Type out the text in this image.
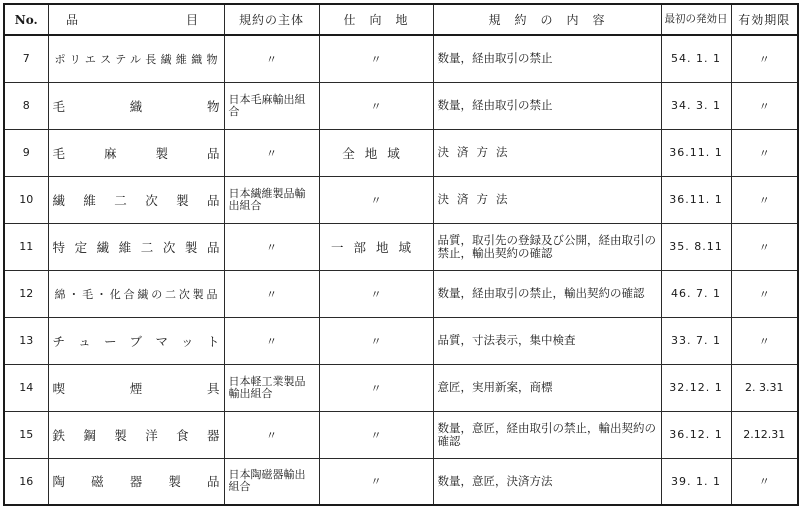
No.	品　　　　　目	規約の主体	仕　向　地	規　約　の　内　容	最初の発効日	有効期限
7	ポリエステル長繊維織物	〃	〃	数量，経由取引の禁止	54. 1. 1	〃
8	毛織物	日本毛麻輸出組合	〃	数量，経由取引の禁止	34. 3. 1	〃
9	毛麻製品	〃	全地域	決済方法	36.11. 1	〃
10	繊維二次製品	日本繊維製品輸出組合	〃	決済方法	36.11. 1	〃
11	特定繊維二次製品	〃	一部地域	品質，取引先の登録及び公開，経由取引の禁止，輸出契約の確認	35. 8.11	〃
12	綿・毛・化合繊の二次製品	〃	〃	数量，経由取引の禁止，輸出契約の確認	46. 7. 1	〃
13	チューブマット	〃	〃	品質，寸法表示，集中検査	33. 7. 1	〃
14	喫煙具	日本軽工業製品輸出組合	〃	意匠，実用新案，商標	32.12. 1	2. 3.31
15	鉄鋼製洋食器	〃	〃	数量，意匠，経由取引の禁止，輸出契約の確認	36.12. 1	2.12.31
16	陶磁器製品	日本陶磁器輸出組合	〃	数量，意匠，決済方法	39. 1. 1	〃
